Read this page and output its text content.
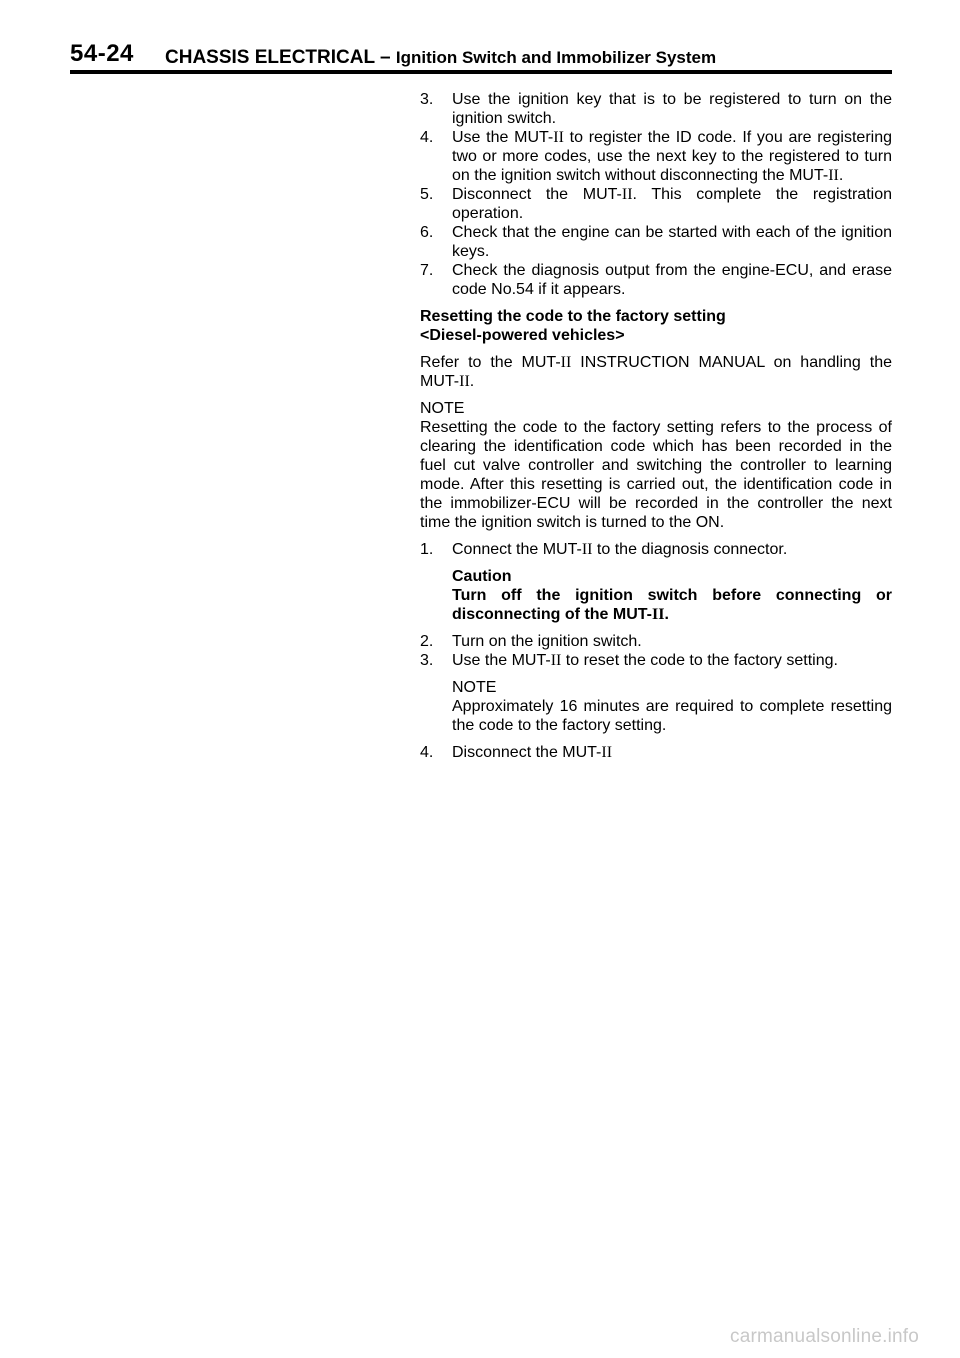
54-24 CHASSIS ELECTRICAL – Ignition Switch and Immobilizer System
3.	Use the ignition key that is to be registered to turn on the ignition switch.
4.	Use the MUT-II to register the ID code. If you are registering two or more codes, use the next key to the registered to turn on the ignition switch without disconnecting the MUT-II.
5.	Disconnect the MUT-II. This complete the registration operation.
6.	Check that the engine can be started with each of the ignition keys.
7.	Check the diagnosis output from the engine-ECU, and erase code No.54 if it appears.
Resetting the code to the factory setting
<Diesel-powered vehicles>
Refer to the MUT-II INSTRUCTION MANUAL on handling the MUT-II.
NOTE
Resetting the code to the factory setting refers to the process of clearing the identification code which has been recorded in the fuel cut valve controller and switching the controller to learning mode. After this resetting is carried out, the identification code in the immobilizer-ECU will be recorded in the controller the next time the ignition switch is turned to the ON.
1.	Connect the MUT-II to the diagnosis connector.
Caution
Turn off the ignition switch before connecting or disconnecting of the MUT-II.
2.	Turn on the ignition switch.
3.	Use the MUT-II to reset the code to the factory setting.
NOTE
Approximately 16 minutes are required to complete resetting the code to the factory setting.
4.	Disconnect the MUT-II
carmanualsonline.info
